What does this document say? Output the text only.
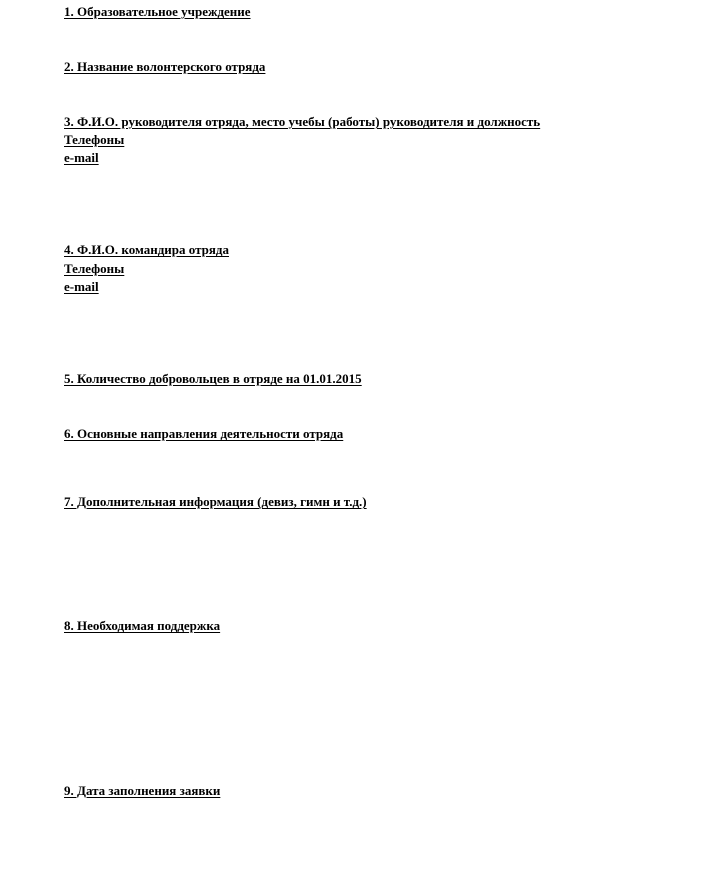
1. Образовательное учреждение
2. Название волонтерского отряда
3. Ф.И.О. руководителя отряда, место учебы (работы) руководителя и должность
Телефоны
e-mail
4. Ф.И.О. командира отряда
Телефоны
e-mail
5. Количество добровольцев в отряде на 01.01.2015
6. Основные направления деятельности отряда
7. Дополнительная информация (девиз, гимн и т.д.)
8. Необходимая поддержка
9. Дата заполнения заявки
